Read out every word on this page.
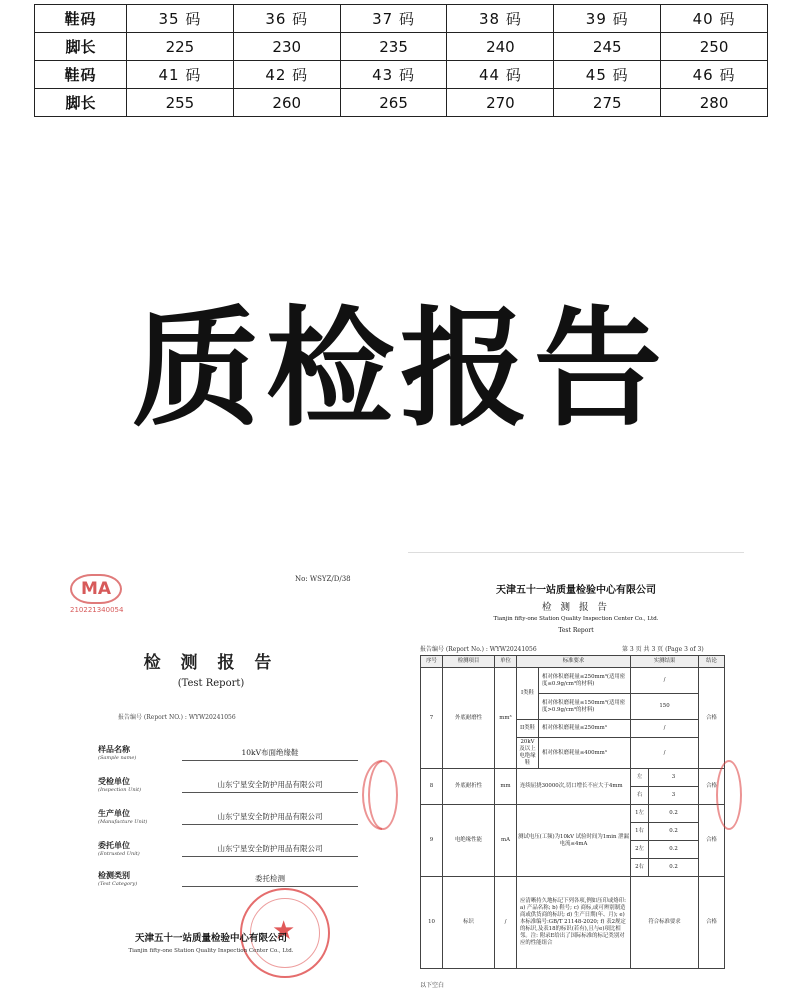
鞋码	35 码	36 码	37 码	38 码	39 码	40 码
脚长	225	230	235	240	245	250
鞋码	41 码	42 码	43 码	44 码	45 码	46 码
脚长	255	260	265	270	275	280
质检报告
MA
210221340054
No: WSYZ/D/38
检 测 报 告
(Test Report)
报告编号 (Report NO.) : WYW20241056
样品名称
(Sample name)
10kV布面绝缘鞋
受检单位
(Inspection Unit)
山东宁星安全防护用品有限公司
生产单位
(Manufacture Unit)
山东宁星安全防护用品有限公司
委托单位
(Entrusted Unit)
山东宁星安全防护用品有限公司
检测类别
(Test Category)
委托检测
★
天津五十一站质量检验中心有限公司
Tianjin fifty-one Station Quality Inspection Center Co., Ltd.
天津五十一站质量检验中心有限公司
检 测 报 告
Tianjin fifty-one Station Quality Inspection Center Co., Ltd.
Test Report
报告编号 (Report No.) : WYW20241056	第 3 页 共 3 页 (Page 3 of 3)
序号	检测项目	单位	标准要求		实测结果		结论
7	外底耐磨性	mm³	I类鞋	相对体积磨耗量≤250mm³(适用密度≤0.9g/cm³的材料)	/		合格
				相对体积磨耗量≤150mm³(适用密度>0.9g/cm³的材料)	150		
			II类鞋	相对体积磨耗量≤250mm³	/		
			20kV及以上电绝缘鞋	相对体积磨耗量≤400mm³	/		
8	外底耐折性	mm	连续屈挠30000次,切口增长不应大于4mm		左	3	合格
					右	3	
9	电绝缘性能	mA	测试电压(工频)为10kV 试验时间为1min 泄漏电流≤4mA		1左	0.2	合格
					1右	0.2	
					2左	0.2	
					2右	0.2	
10	标识	/	应清晰持久地标记下列各项,例如压印或烙印: a) 产品名称; b) 鞋号; c) 商标,或可辨别制造商或供货商的标识; d) 生产日期(年、月); e) 本标准编号:GB/T 21148-2020; f) 表2规定的标识,及表18的标识(若有),且与e)项比相邻。注: 附录E给出了国际标准的标记类别对应的性能组合		符合标准要求		合格
以下空白
